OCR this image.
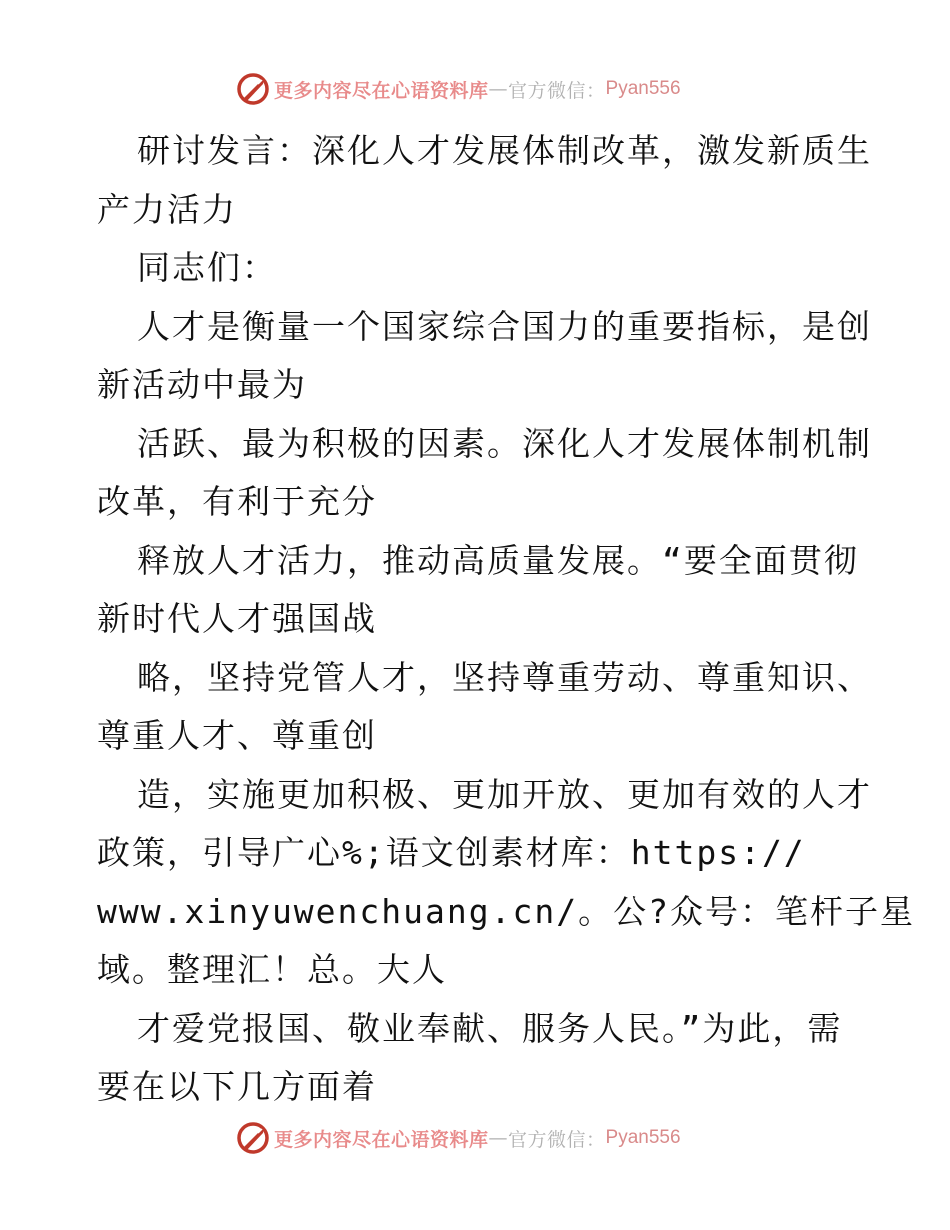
更多内容尽在心语资料库 — 官方微信： Pyan556
研讨发言：深化人才发展体制改革，激发新质生
产力活力
同志们：
人才是衡量一个国家综合国力的重要指标，是创
新活动中最为
活跃、最为积极的因素。深化人才发展体制机制
改革，有利于充分
释放人才活力，推动高质量发展。“要全面贯彻
新时代人才强国战
略，坚持党管人才，坚持尊重劳动、尊重知识、
尊重人才、尊重创
造，实施更加积极、更加开放、更加有效的人才
政策，引导广心%;语文创素材库：https://
www.xinyuwenchuang.cn/。公?众号：笔杆子星
域。整理汇！总。大人
才爱党报国、敬业奉献、服务人民。”为此，需
要在以下几方面着
更多内容尽在心语资料库 — 官方微信： Pyan556
